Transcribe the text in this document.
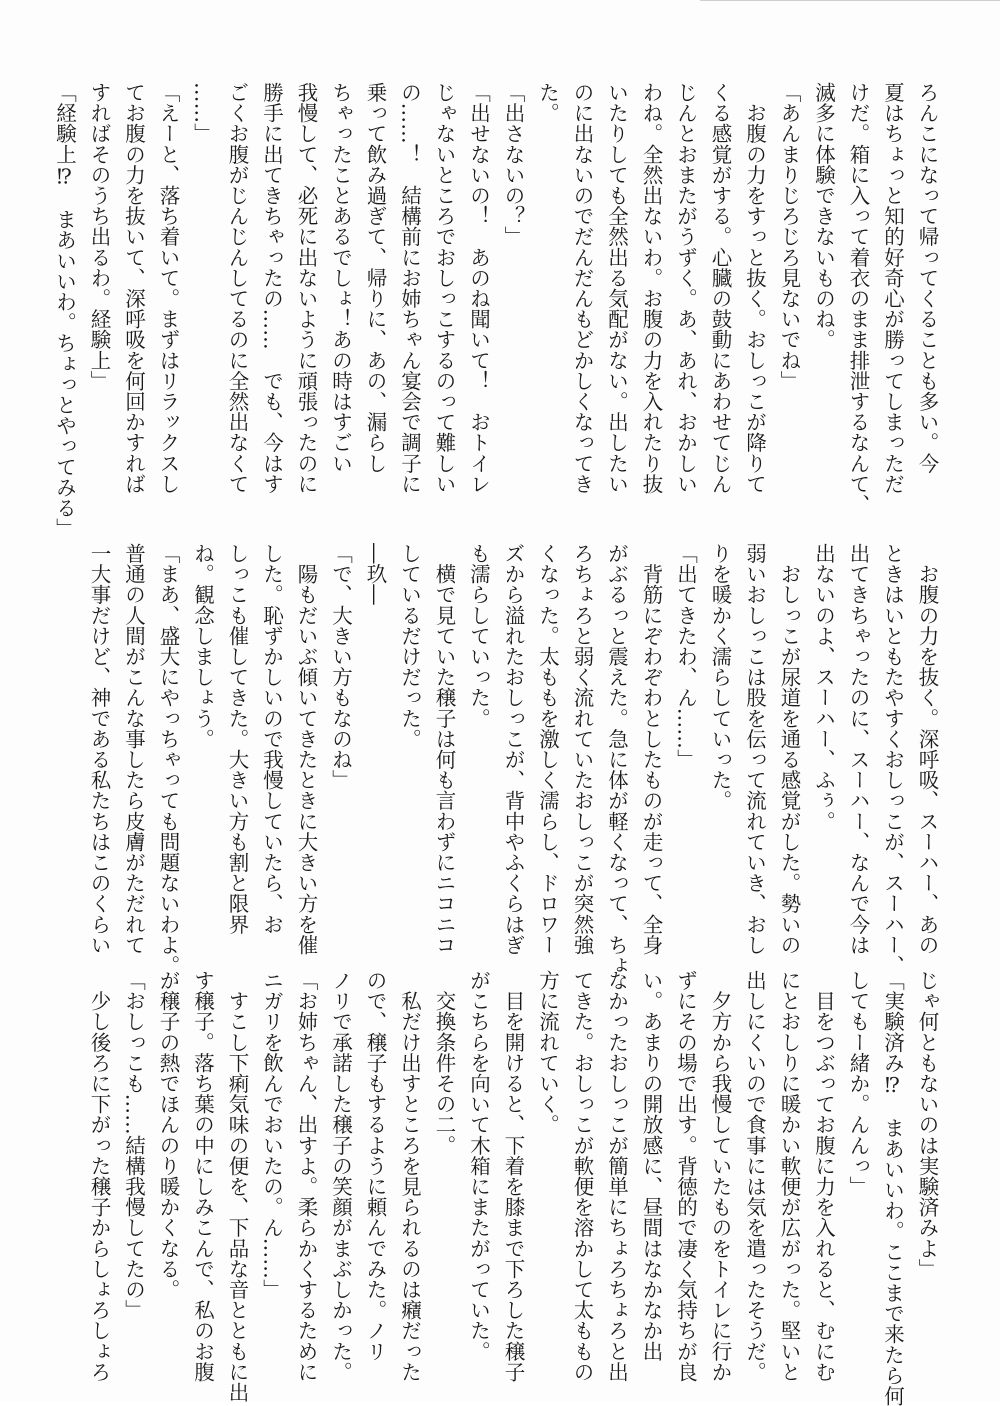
ろんこになって帰ってくることも多い。今

夏はちょっと知的好奇心が勝ってしまっただ

けだ。箱に入って着衣のまま排泄するなんて、

滅多に体験できないものね。

「あんまりじろじろ見ないでね」

　お腹の力をすっと抜く。おしっこが降りて

くる感覚がする。心臓の鼓動にあわせてじん

じんとおまたがうずく。あ、あれ、おかしい

わね。全然出ないわ。お腹の力を入れたり抜

いたりしても全然出る気配がない。出したい

のに出ないのでだんだんもどかしくなってき

た。

「出さないの？」

「出せないの！　あのね聞いて！　おトイレ

じゃないところでおしっこするのって難しい

の……！　結構前にお姉ちゃん宴会で調子に

乗って飲み過ぎて、帰りに、あの、漏らし

ちゃったことあるでしょ！あの時はすごい

我慢して、必死に出ないように頑張ったのに

勝手に出てきちゃったの……　でも、今はす

ごくお腹がじんじんしてるのに全然出なくて

……」

「えーと、落ち着いて。まずはリラックスし

てお腹の力を抜いて、深呼吸を何回かすれば

すればそのうち出るわ。経験上」

「経験上⁉　まあいいわ。ちょっとやってみる」

　お腹の力を抜く。深呼吸、スーハー、あの

ときはいともたやすくおしっこが、スーハー、

出てきちゃったのに、スーハー、なんで今は

出ないのよ、スーハー、ふぅ。

　おしっこが尿道を通る感覚がした。勢いの

弱いおしっこは股を伝って流れていき、おし

りを暖かく濡らしていった。

「出てきたわ、ん……」

　背筋にぞわぞわとしたものが走って、全身

がぶるっと震えた。急に体が軽くなって、ちょ

ろちょろと弱く流れていたおしっこが突然強

くなった。太ももを激しく濡らし、ドロワー

ズから溢れたおしっこが、背中やふくらはぎ

も濡らしていった。

　横で見ていた穣子は何も言わずにニコニコ

しているだけだった。

―玖―

「で、大きい方もなのね」

　陽もだいぶ傾いてきたときに大きい方を催

した。恥ずかしいので我慢していたら、お

しっこも催してきた。大きい方も割と限界

ね。観念しましょう。

「まあ、盛大にやっちゃっても問題ないわよ。

普通の人間がこんな事したら皮膚がただれて

一大事だけど、神である私たちはこのくらい

じゃ何ともないのは実験済みよ」

「実験済み⁉　まあいいわ。ここまで来たら何

してもー緒か。んんっ」

　目をつぶってお腹に力を入れると、むにむ

にとおしりに暖かい軟便が広がった。堅いと

出しにくいので食事には気を遣ったそうだ。

　夕方から我慢していたものをトイレに行か

ずにその場で出す。背徳的で凄く気持ちが良

い。あまりの開放感に、昼間はなかなか出

なかったおしっこが簡単にちょろちょろと出

てきた。おしっこが軟便を溶かして太ももの

方に流れていく。

　目を開けると、下着を膝まで下ろした穣子

がこちらを向いて木箱にまたがっていた。

　交換条件その二。

　私だけ出すところを見られるのは癪だった

ので、穣子もするように頼んでみた。ノリ

ノリで承諾した穣子の笑顔がまぶしかった。

「お姉ちゃん、出すよ。柔らかくするために

ニガリを飲んでおいたの。ん……」

　すこし下痢気味の便を、下品な音とともに出

す穣子。落ち葉の中にしみこんで、私のお腹

が穣子の熱でほんのり暖かくなる。

「おしっこも……結構我慢してたの」

　少し後ろに下がった穣子からしょろしょろ
